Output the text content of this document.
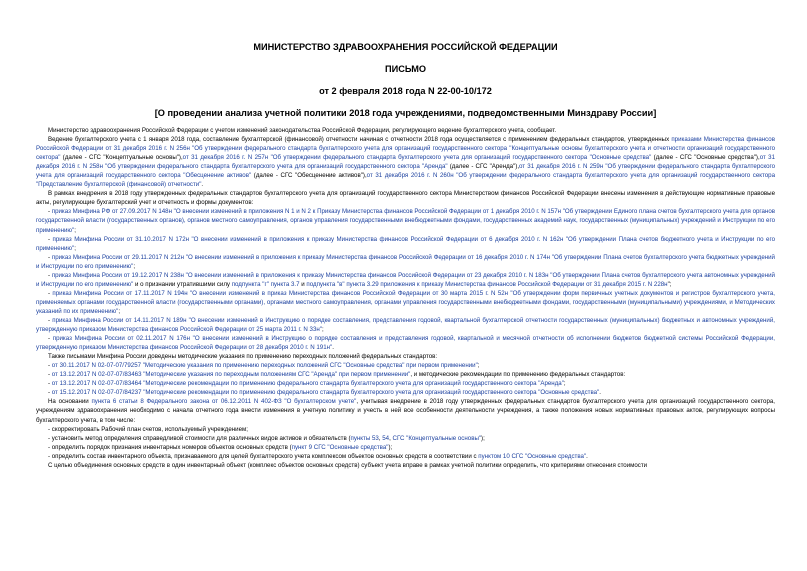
МИНИСТЕРСТВО ЗДРАВООХРАНЕНИЯ РОССИЙСКОЙ ФЕДЕРАЦИИ
ПИСЬМО
от 2 февраля 2018 года N 22-00-10/172
[О проведении анализа учетной политики 2018 года учреждениями, подведомственными Минздраву России]

Министерство здравоохранения Российской Федерации с учетом изменений законодательства Российской Федерации, регулирующего ведение бухгалтерского учета, сообщает.

Ведение бухгалтерского учета с 1 января 2018 года, составление бухгалтерской (финансовой) отчетности начиная с отчетности 2018 года осуществляется с применением федеральных стандартов, утвержденных приказами Министерства финансов Российской Федерации от 31 декабря 2016 г. N 256н "Об утверждении федерального стандарта бухгалтерского учета для организаций государственного сектора "Концептуальные основы бухгалтерского учета и отчетности организаций государственного сектора" (далее - СГС "Концептуальные основы"),от 31 декабря 2016 г. N 257н "Об утверждении федерального стандарта бухгалтерского учета для организаций государственного сектора "Основные средства" (далее - СГС "Основные средства"),от 31 декабря 2016 г. N 258н "Об утверждении федерального стандарта бухгалтерского учета для организаций государственного сектора "Аренда" (далее - СГС "Аренда"),от 31 декабря 2016 г. N 259н "Об утверждении федерального стандарта бухгалтерского учета для организаций государственного сектора "Обесценение активов" (далее - СГС "Обесценение активов"),от 31 декабря 2016 г. N 260н "Об утверждении федерального стандарта бухгалтерского учета для организаций государственного сектора "Представление бухгалтерской (финансовой) отчетности".

В рамках внедрения в 2018 году утвержденных федеральных стандартов бухгалтерского учета для организаций государственного сектора Министерством финансов Российской Федерации внесены изменения в действующие нормативные правовые акты, регулирующие бухгалтерский учет и отчетность и формы документов:

- приказ Минфина РФ от 27.09.2017 N 148н "О внесении изменений в приложения N 1 и N 2 к Приказу Министерства финансов Российской Федерации от 1 декабря 2010 г. N 157н "Об утверждении Единого плана счетов бухгалтерского учета для органов государственной власти (государственных органов), органов местного самоуправления, органов управления государственными внебюджетными фондами, государственных академий наук, государственных (муниципальных) учреждений и Инструкции по его применению";

- приказ Минфина России от 31.10.2017 N 172н "О внесении изменений в приложения к приказу Министерства финансов Российской Федерации от 6 декабря 2010 г. N 162н "Об утверждении Плана счетов бюджетного учета и Инструкции по его применению";

- приказ Минфина России от 29.11.2017 N 212н "О внесении изменений в приложения к приказу Министерства финансов Российской Федерации от 16 декабря 2010 г. N 174н "Об утверждении Плана счетов бухгалтерского учета бюджетных учреждений и Инструкции по его применению";

- приказ Минфина России от 19.12.2017 N 238н "О внесении изменений в приложения к приказу Министерства финансов Российской Федерации от 23 декабря 2010 г. N 183н "Об утверждении Плана счетов бухгалтерского учета автономных учреждений и Инструкции по его применению" и о признании утратившими силу подпункта "г" пункта 3.7 и подпункта "в" пункта 3.29 приложения к приказу Министерства финансов Российской Федерации от 31 декабря 2015 г. N 228н";

- приказ Минфина России от 17.11.2017 N 194н "О внесении изменений в приказ Министерства финансов Российской Федерации от 30 марта 2015 г. N 52н "Об утверждении форм первичных учетных документов и регистров бухгалтерского учета, применяемых органами государственной власти (государственными органами), органами местного самоуправления, органами управления государственными внебюджетными фондами, государственными (муниципальными) учреждениями, и Методических указаний по их применению";

- приказ Минфина России от 14.11.2017 N 189н "О внесении изменений в Инструкцию о порядке составления, представления годовой, квартальной бухгалтерской отчетности государственных (муниципальных) бюджетных и автономных учреждений, утвержденную приказом Министерства финансов Российской Федерации от 25 марта 2011 г. N 33н";

- приказ Минфина России от 02.11.2017 N 176н "О внесении изменений в Инструкцию о порядке составления и представления годовой, квартальной и месячной отчетности об исполнении бюджетов бюджетной системы Российской Федерации, утвержденную приказом Министерства финансов Российской Федерации от 28 декабря 2010 г. N 191н".

Также письмами Минфина России доведены методические указания по применению переходных положений федеральных стандартов:

- от 30.11.2017 N 02-07-07/79257 "Методические указания по применению переходных положений СГС "Основные средства" при первом применении";

- от 13.12.2017 N 02-07-07/83463 "Методические указания по переходным положениям СГС "Аренда" при первом применении", и методические рекомендации по применению федеральных стандартов:

- от 13.12.2017 N 02-07-07/83464 "Методические рекомендации по применению федерального стандарта бухгалтерского учета для организаций государственного сектора "Аренда";

- от 15.12.2017 N 02-07-07/84237 "Методические рекомендации по применению федерального стандарта бухгалтерского учета для организаций государственного сектора "Основные средства".

На основании пункта 6 статьи 8 Федерального закона от 06.12.2011 N 402-ФЗ "О бухгалтерском учете", учитывая внедрение в 2018 году утвержденных федеральных стандартов бухгалтерского учета для организаций государственного сектора, учреждениям здравоохранения необходимо с начала отчетного года внести изменения в учетную политику и учесть в ней все особенности деятельности учреждения, а также положения новых нормативных правовых актов, регулирующих вопросы бухгалтерского учета, в том числе:

- скорректировать Рабочий план счетов, используемый учреждением;

- установить метод определения справедливой стоимости для различных видов активов и обязательств (пункты 53, 54, СГС "Концептуальные основы");

- определить порядок признания инвентарных номеров объектов основных средств (пункт 9 СГС "Основные средства");

- определить состав инвентарного объекта, признаваемого для целей бухгалтерского учета комплексом объектов основных средств в соответствии с пунктом 10 СГС "Основные средства".

С целью объединения основных средств в один инвентарный объект (комплекс объектов основных средств) субъект учета вправе в рамках учетной политики определить, что критериями отнесения стоимости
